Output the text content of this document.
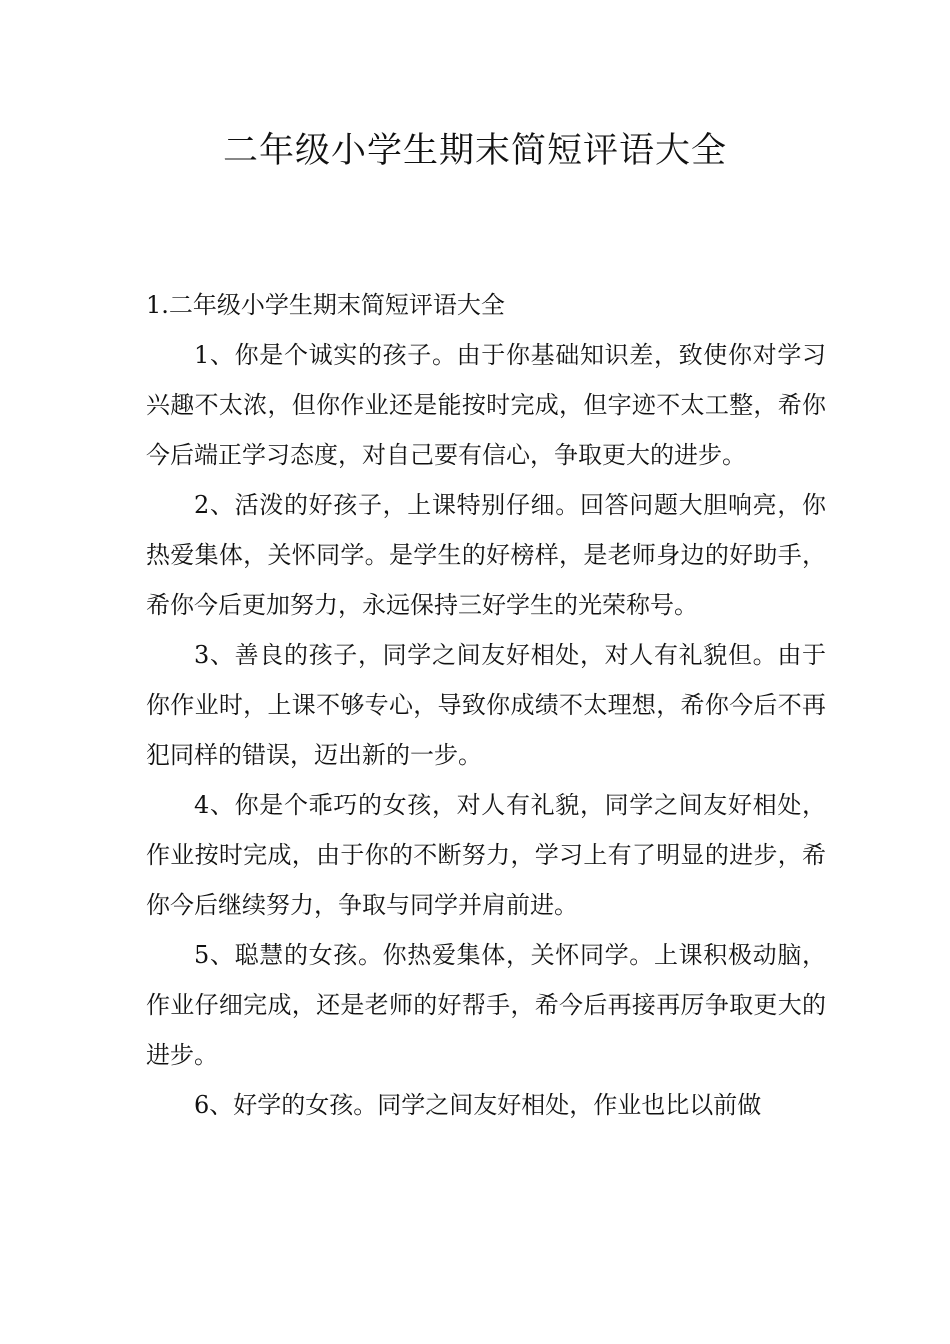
二年级小学生期末简短评语大全

1.二年级小学生期末简短评语大全

1、你是个诚实的孩子。由于你基础知识差，致使你对学习兴趣不太浓，但你作业还是能按时完成，但字迹不太工整，希你今后端正学习态度，对自己要有信心，争取更大的进步。

2、活泼的好孩子，上课特别仔细。回答问题大胆响亮，你热爱集体，关怀同学。是学生的好榜样，是老师身边的好助手，希你今后更加努力，永远保持三好学生的光荣称号。

3、善良的孩子，同学之间友好相处，对人有礼貌但。由于你作业时，上课不够专心，导致你成绩不太理想，希你今后不再犯同样的错误，迈出新的一步。

4、你是个乖巧的女孩，对人有礼貌，同学之间友好相处，作业按时完成，由于你的不断努力，学习上有了明显的进步，希你今后继续努力，争取与同学并肩前进。

5、聪慧的女孩。你热爱集体，关怀同学。上课积极动脑，作业仔细完成，还是老师的好帮手，希今后再接再厉争取更大的进步。

6、好学的女孩。同学之间友好相处，作业也比以前做
